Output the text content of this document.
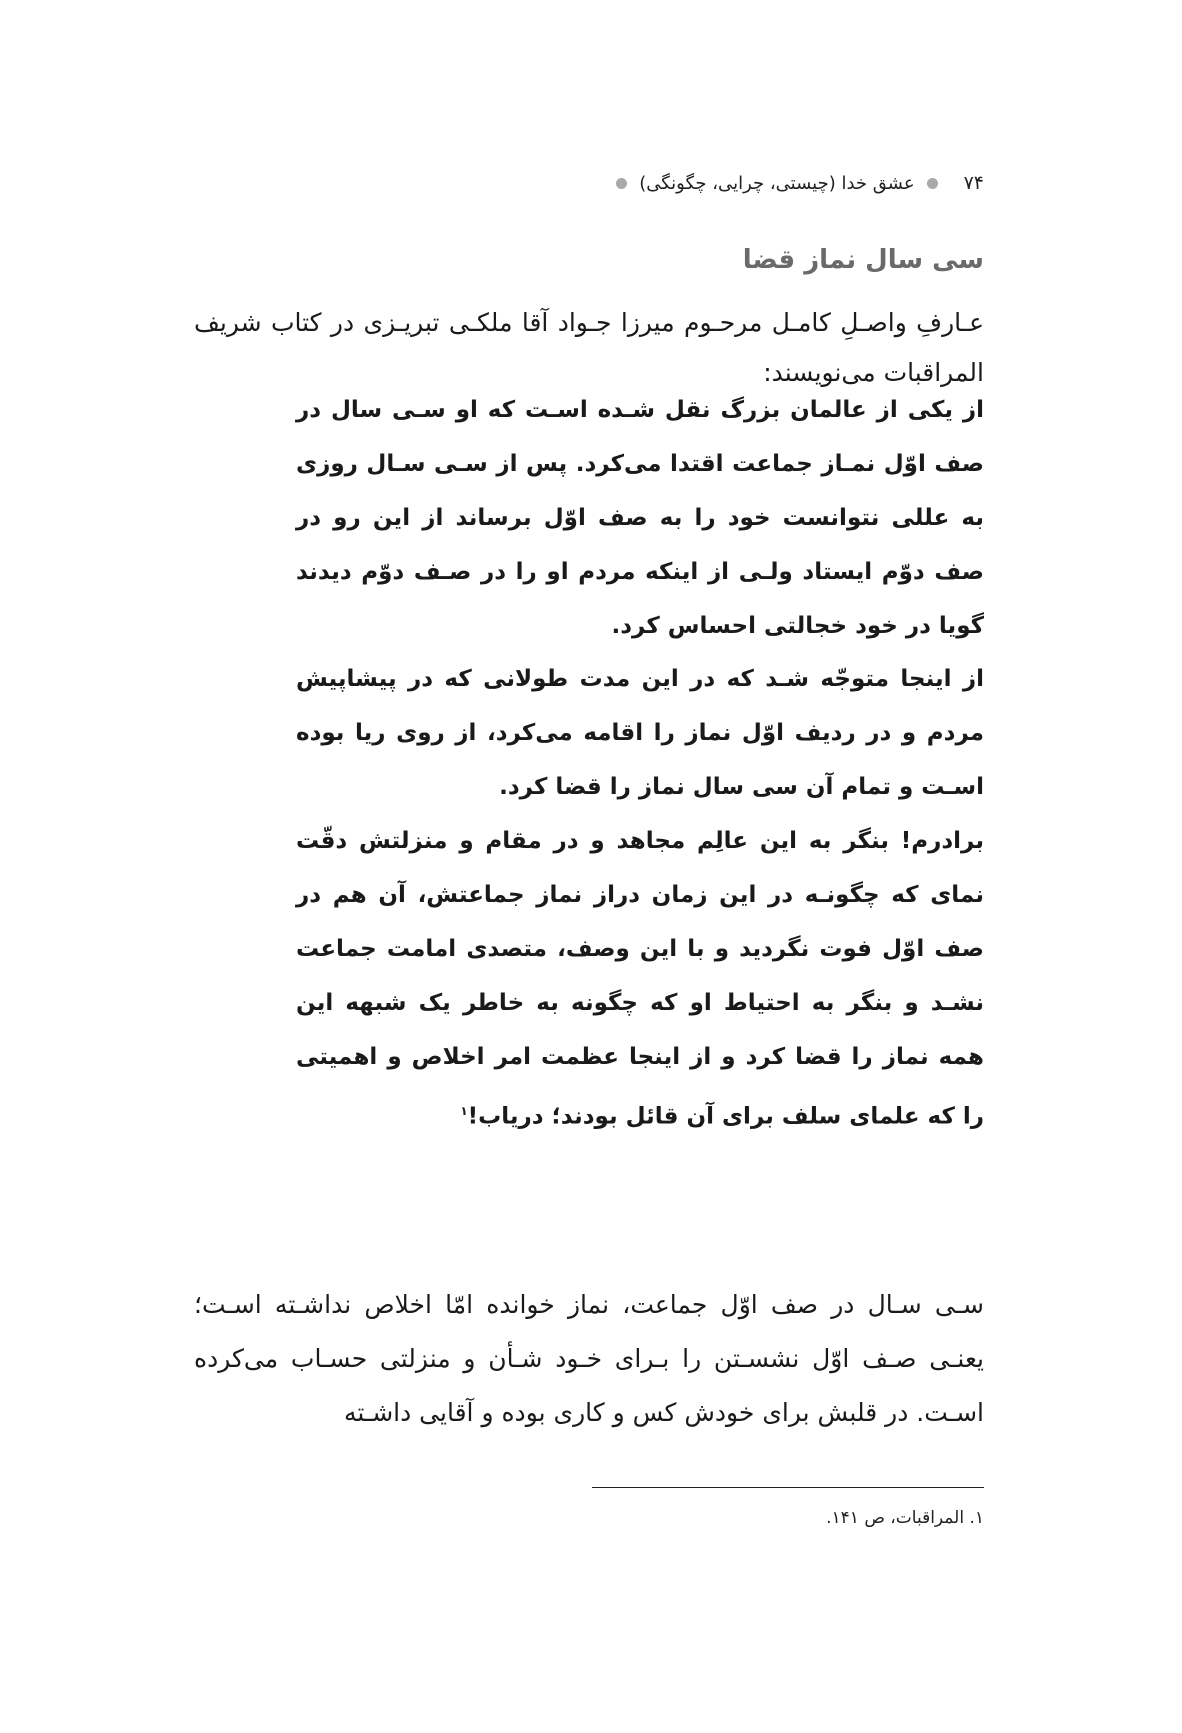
۷۴
عشق خدا (چیستی، چرایی، چگونگی)
سی سال نماز قضا
عـارفِ واصـلِ کامـل مرحـوم میرزا جـواد آقا ملکـی تبریـزی در کتاب شریف المراقبات می‌نویسند:
از یکی از عالمان بزرگ نقل شـده اسـت که او سـی سال در صف اوّل نمـاز جماعت اقتدا می‌کرد. پس از سـی سـال روزی به عللی نتوانست خود را به صف اوّل برساند از این رو در صف دوّم ایستاد ولـی از اینکه مردم او را در صـف دوّم دیدند گویا در خود خجالتی احساس کرد.
از اینجا متوجّه شـد که در این مدت طولانی که در پیشاپیش مردم و در ردیف اوّل نماز را اقامه می‌کرد، از روی ریا بوده اسـت و تمام آن سی سال نماز را قضا کرد.
برادرم! بنگر به این عالِم مجاهد و در مقام و منزلتش دقّت نمای که چگونـه در این زمان دراز نماز جماعتش، آن هم در صف اوّل فوت نگردید و با این وصف، متصدی امامت جماعت نشـد و بنگر به احتیاط او که چگونه به خاطر یک شبهه این همه نماز را قضا کرد و از اینجا عظمت امر اخلاص و اهمیتی را که علمای سلف برای آن قائل بودند؛ دریاب!$^۱$
سـی سـال در صف اوّل جماعت، نماز خوانده امّا اخلاص نداشـته اسـت؛ یعنـی صـف اوّل نشسـتن را بـرای خـود شـأن و منزلتی حسـاب می‌کرده اسـت. در قلبش برای خودش کس و کاری بوده و آقایی داشـته
۱. المراقبات، ص ۱۴۱.
